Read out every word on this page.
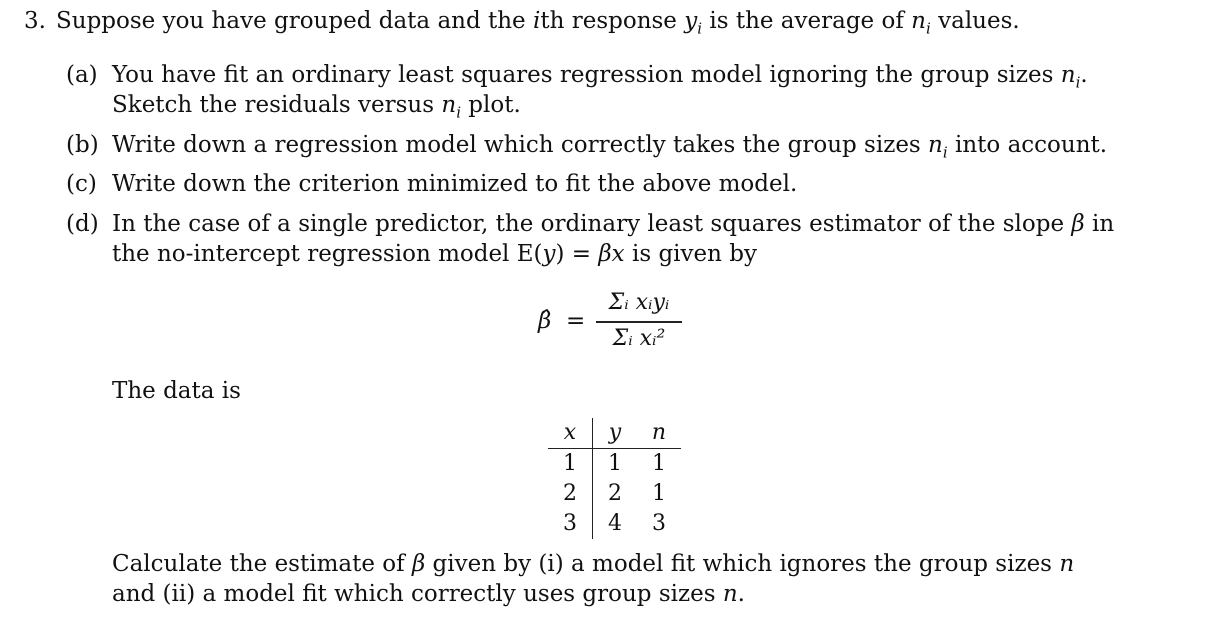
3. Suppose you have grouped data and the ith response $y_i$ is the average of $n_i$ values.
(a) You have fit an ordinary least squares regression model ignoring the group sizes $n_i$. Sketch the residuals versus $n_i$ plot.
(b) Write down a regression model which correctly takes the group sizes $n_i$ into account.
(c) Write down the criterion minimized to fit the above model.
(d) In the case of a single predictor, the ordinary least squares estimator of the slope β in the no-intercept regression model E(y) = βx is given by
β̂ =
Σᵢ xᵢyᵢ
Σᵢ xᵢ²
The data is
x	y	n
1	1	1
2	2	1
3	4	3
Calculate the estimate of β given by (i) a model fit which ignores the group sizes n and (ii) a model fit which correctly uses group sizes n.
